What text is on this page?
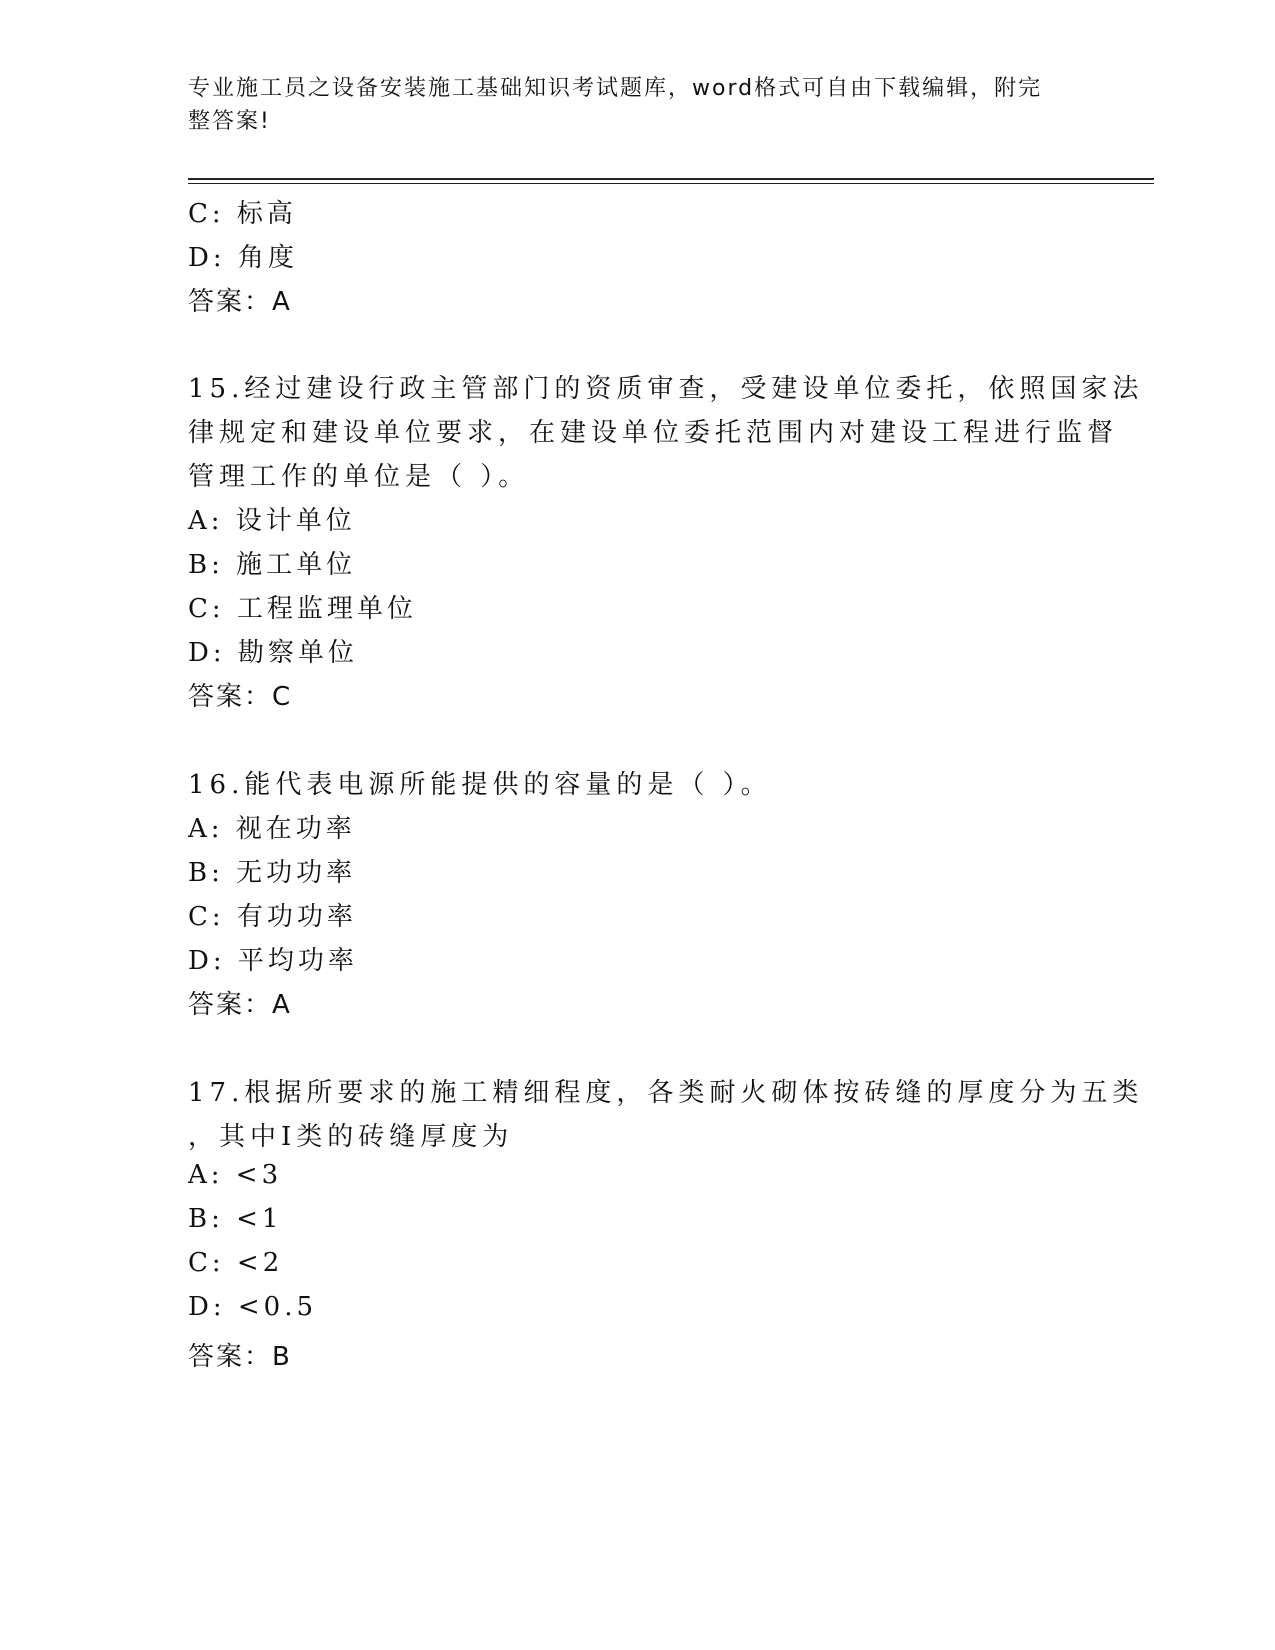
专业施工员之设备安装施工基础知识考试题库，word格式可自由下载编辑，附完
整答案!
C: 标高
D: 角度
答案：A
15.经过建设行政主管部门的资质审查，受建设单位委托，依照国家法
律规定和建设单位要求，在建设单位委托范围内对建设工程进行监督
管理工作的单位是（ ）。
A: 设计单位
B: 施工单位
C: 工程监理单位
D: 勘察单位
答案：C
16.能代表电源所能提供的容量的是（ ）。
A: 视在功率
B: 无功功率
C: 有功功率
D: 平均功率
答案：A
17.根据所要求的施工精细程度，各类耐火砌体按砖缝的厚度分为五类
，其中Ⅰ类的砖缝厚度为
A: <3
B: <1
C: <2
D: <0.5
答案：B
